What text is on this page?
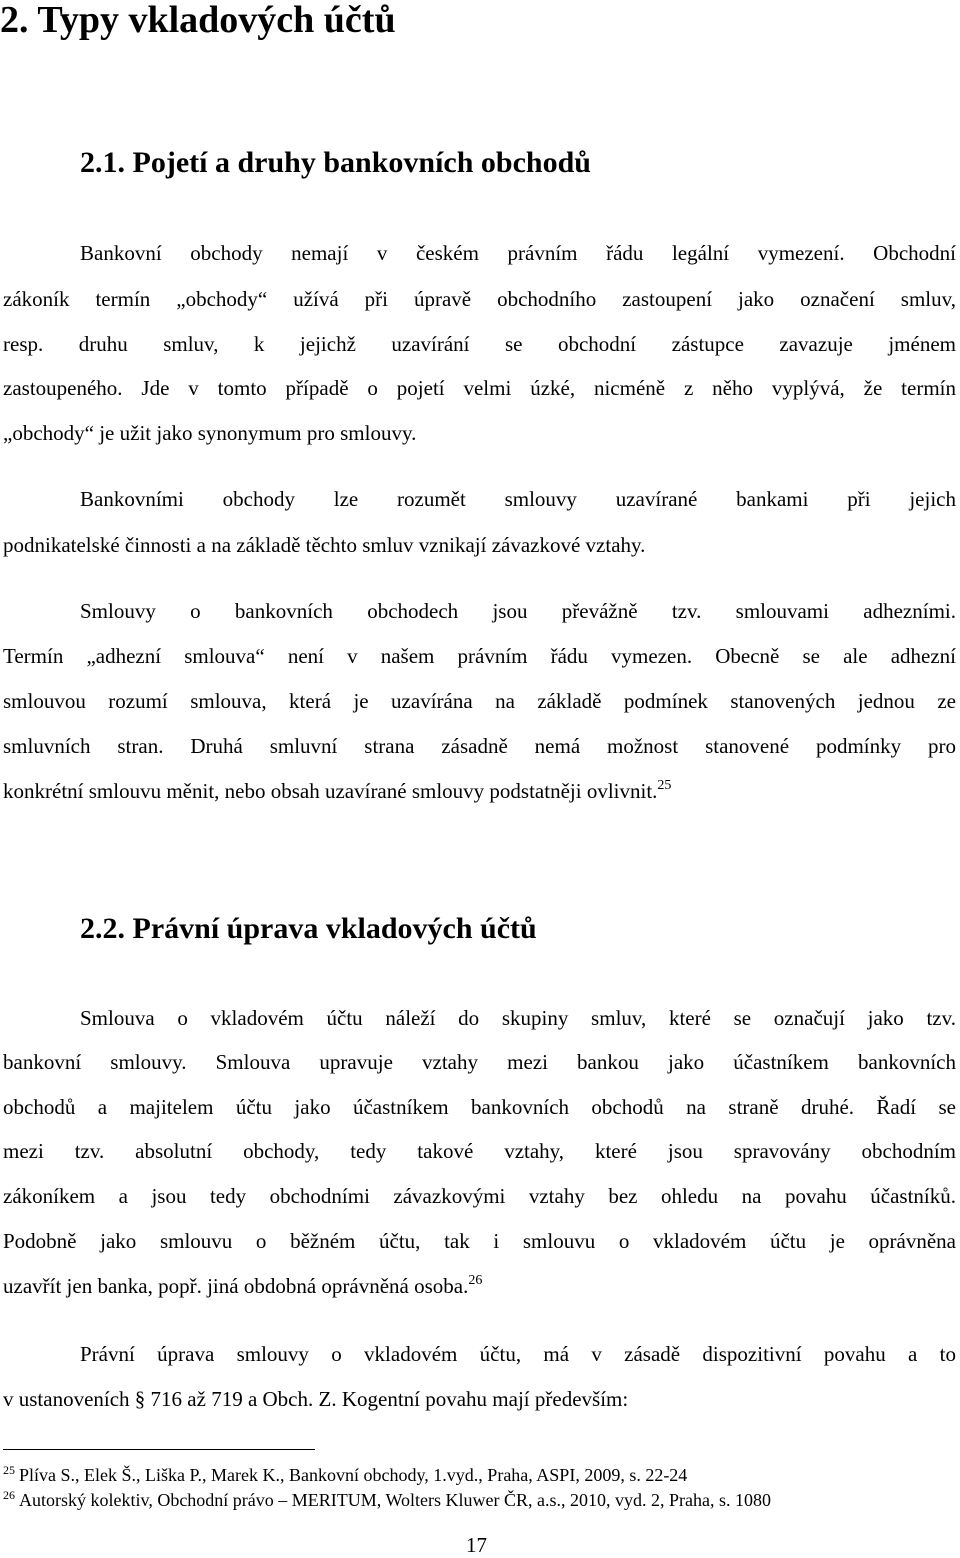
2. Typy vkladových účtů
2.1. Pojetí a druhy bankovních obchodů
Bankovní obchody nemají v českém právním řádu legální vymezení. Obchodní
zákoník termín „obchody“ užívá při úpravě obchodního zastoupení jako označení smluv,
resp. druhu smluv, k jejichž uzavírání se obchodní zástupce zavazuje jménem
zastoupeného. Jde v tomto případě o pojetí velmi úzké, nicméně z něho vyplývá, že termín
„obchody“ je užit jako synonymum pro smlouvy.
Bankovními obchody lze rozumět smlouvy uzavírané bankami při jejich
podnikatelské činnosti a na základě těchto smluv vznikají závazkové vztahy.
Smlouvy o bankovních obchodech jsou převážně tzv. smlouvami adhezními.
Termín „adhezní smlouva“ není v našem právním řádu vymezen. Obecně se ale adhezní
smlouvou rozumí smlouva, která je uzavírána na základě podmínek stanovených jednou ze
smluvních stran. Druhá smluvní strana zásadně nemá možnost stanovené podmínky pro
konkrétní smlouvu měnit, nebo obsah uzavírané smlouvy podstatněji ovlivnit.$^{25}$
2.2. Právní úprava vkladových účtů
Smlouva o vkladovém účtu náleží do skupiny smluv, které se označují jako tzv.
bankovní smlouvy. Smlouva upravuje vztahy mezi bankou jako účastníkem bankovních
obchodů a majitelem účtu jako účastníkem bankovních obchodů na straně druhé. Řadí se
mezi tzv. absolutní obchody, tedy takové vztahy, které jsou spravovány obchodním
zákoníkem a jsou tedy obchodními závazkovými vztahy bez ohledu na povahu účastníků.
Podobně jako smlouvu o běžném účtu, tak i smlouvu o vkladovém účtu je oprávněna
uzavřít jen banka, popř. jiná obdobná oprávněná osoba.$^{26}$
Právní úprava smlouvy o vkladovém účtu, má v zásadě dispozitivní povahu a to
v ustanoveních § 716 až 719 a Obch. Z. Kogentní povahu mají především:
$^{25}$ Plíva S., Elek Š., Liška P., Marek K., Bankovní obchody, 1.vyd., Praha, ASPI, 2009, s. 22-24
$^{26}$ Autorský kolektiv, Obchodní právo – MERITUM, Wolters Kluwer ČR, a.s., 2010, vyd. 2, Praha, s. 1080
17
